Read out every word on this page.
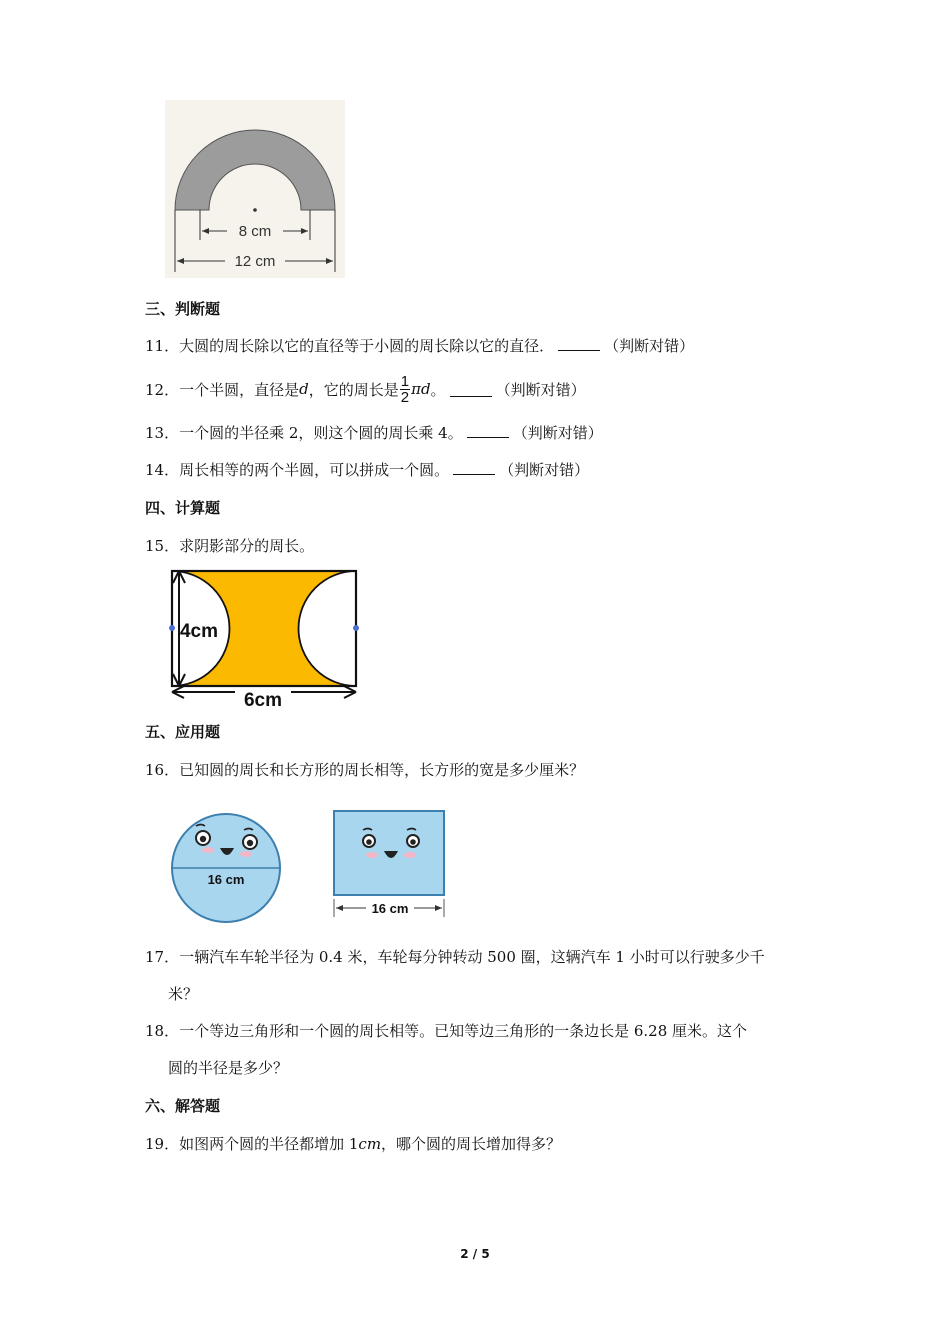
8 cm
12 cm
三、判断题
11．大圆的周长除以它的直径等于小圆的周长除以它的直径．	（判断对错）
12． 一个半圆，直径是 d ，它的周长是 $\frac{1}{2}$ π d 。	（判断对错）
13．一个圆的半径乘 2，则这个圆的周长乘 4。	（判断对错）
14．周长相等的两个半圆，可以拼成一个圆。	（判断对错）
四、计算题
15．求阴影部分的周长。
4cm
6cm
五、应用题
16．已知圆的周长和长方形的周长相等，长方形的宽是多少厘米？
16 cm
16 cm
17．一辆汽车车轮半径为 0.4 米，车轮每分钟转动 500 圈，这辆汽车 1 小时可以行驶多少千
米？
18．一个等边三角形和一个圆的周长相等。已知等边三角形的一条边长是 6.28 厘米。这个
圆的半径是多少？
六、解答题
19．如图两个圆的半径都增加 1cm，哪个圆的周长增加得多？
2 / 5
